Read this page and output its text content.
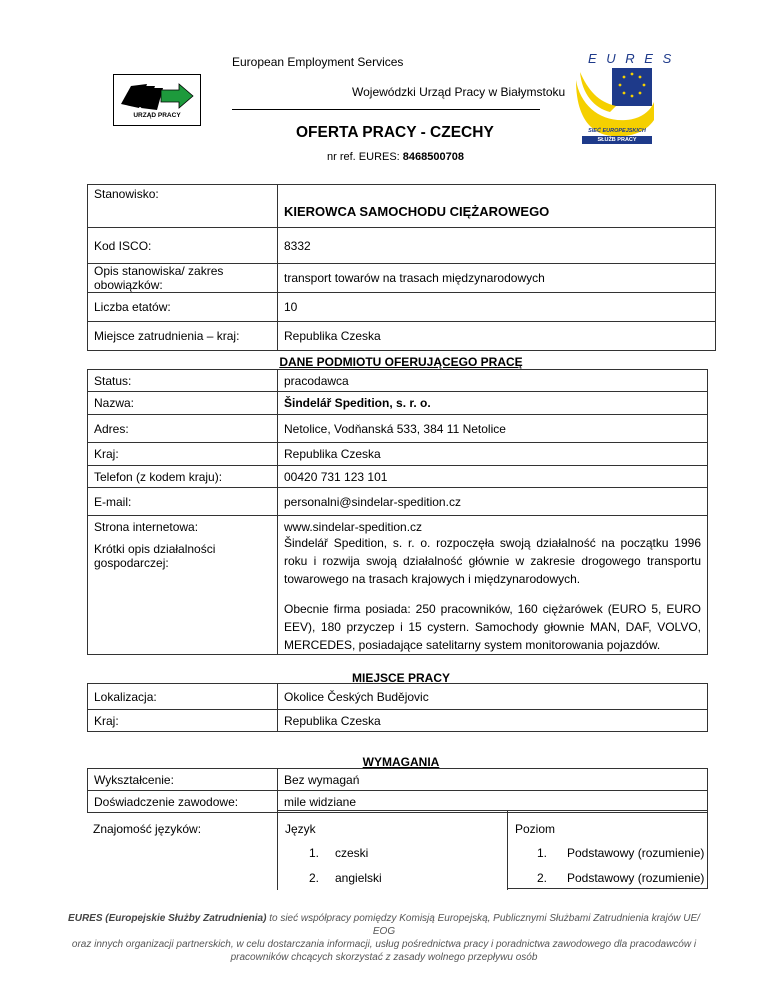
European Employment Services
Wojewódzki Urząd Pracy w Białymstoku
URZĄD PRACY
E U R E S
SIEĆ EUROPEJSKICH
SŁUŻB PRACY
OFERTA PRACY - CZECHY
nr ref. EURES: 8468500708
Stanowisko:	KIEROWCA SAMOCHODU CIĘŻAROWEGO
Kod ISCO:	8332
Opis stanowiska/ zakres obowiązków:	transport towarów na trasach międzynarodowych
Liczba etatów:	10
Miejsce zatrudnienia – kraj:	Republika Czeska
DANE PODMIOTU OFERUJĄCEGO PRACĘ
Status:	pracodawca
Nazwa:	Šindelář Spedition, s. r. o.
Adres:	Netolice, Vodňanská 533, 384 11 Netolice
Kraj:	Republika Czeska
Telefon (z kodem kraju):	00420 731 123 101
E-mail:	personalni@sindelar-spedition.cz
Strona internetowa:	www.sindelar-spedition.cz
Krótki opis działalności gospodarczej:	Šindelář Spedition, s. r. o. rozpoczęła swoją działalność na początku 1996 roku i rozwija swoją działalność głównie w zakresie drogowego transportu towarowego na trasach krajowych i międzynarodowych.
Obecnie firma posiada: 250 pracowników, 160 ciężarówek (EURO 5, EURO EEV), 180 przyczep i 15 cystern. Samochody głownie MAN, DAF, VOLVO, MERCEDES, posiadające satelitarny system monitorowania pojazdów.
MIEJSCE PRACY
Lokalizacja:	Okolice Českých Budějovic
Kraj:	Republika Czeska
WYMAGANIA
Wykształcenie:	Bez wymagań
Doświadczenie zawodowe:	mile widziane
Znajomość języków:	Język	Poziom
1. czeski	1. Podstawowy (rozumienie)
2. angielski	2. Podstawowy (rozumienie)
EURES (Europejskie Służby Zatrudnienia) to sieć współpracy pomiędzy Komisją Europejską, Publicznymi Służbami Zatrudnienia krajów UE/ EOG
oraz innych organizacji partnerskich, w celu dostarczania informacji, usług pośrednictwa pracy i poradnictwa zawodowego dla pracodawców i
pracowników chcących skorzystać z zasady wolnego przepływu osób
